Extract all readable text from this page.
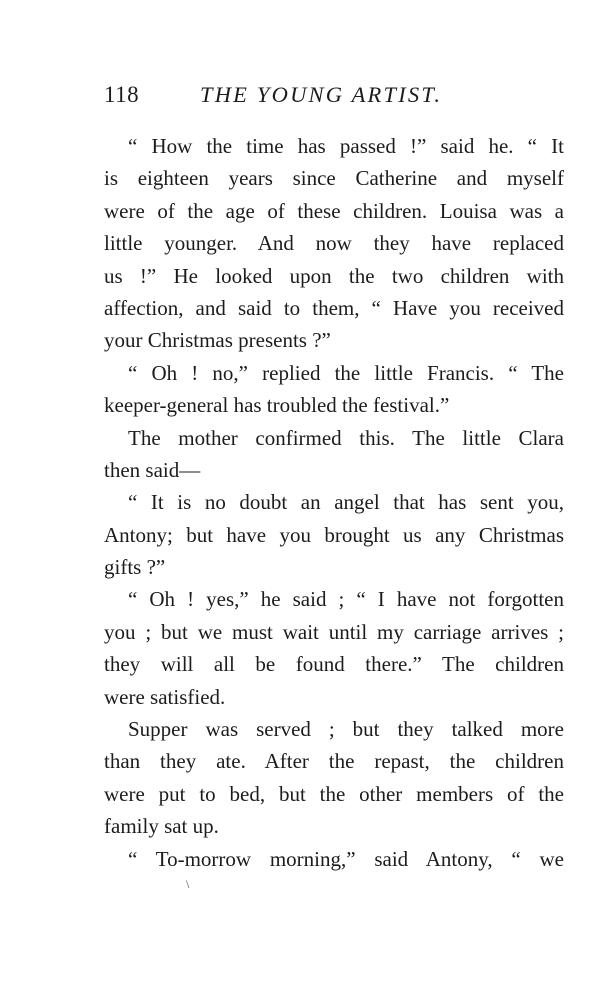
118	THE YOUNG ARTIST.
“ How the time has passed !” said he. “ It
is eighteen years since Catherine and myself
were of the age of these children. Louisa was a
little younger. And now they have replaced
us !” He looked upon the two children with
affection, and said to them, “ Have you received
your Christmas presents ?”
“ Oh ! no,” replied the little Francis. “ The
keeper-general has troubled the festival.”
The mother confirmed this. The little Clara
then said—
“ It is no doubt an angel that has sent you,
Antony; but have you brought us any Christmas
gifts ?”
“ Oh ! yes,” he said ; “ I have not forgotten
you ; but we must wait until my carriage arrives ;
they will all be found there.” The children
were satisfied.
Supper was served ; but they talked more
than they ate. After the repast, the children
were put to bed, but the other members of the
family sat up.
“ To-morrow morning,” said Antony, “ we
\
